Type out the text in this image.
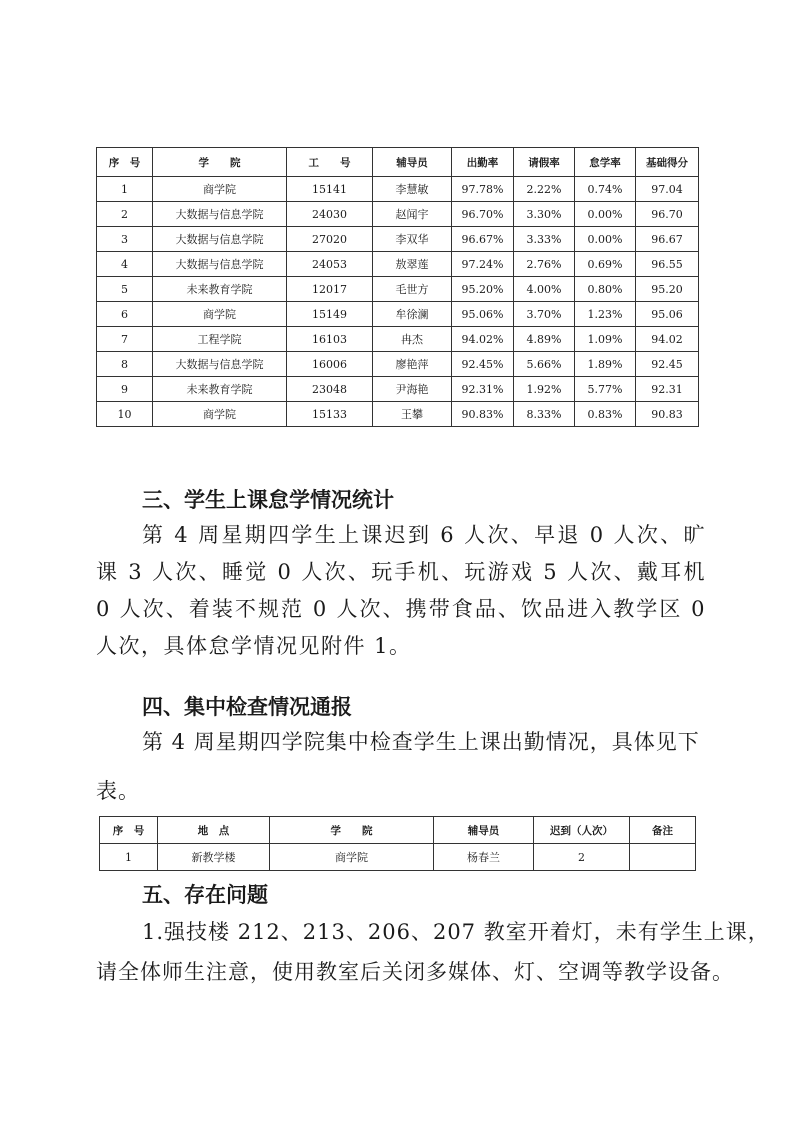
序　号	学　　院	工　　号	辅导员	出勤率	请假率	怠学率	基础得分
1	商学院	15141	李慧敏	97.78%	2.22%	0.74%	97.04
2	大数据与信息学院	24030	赵闻宇	96.70%	3.30%	0.00%	96.70
3	大数据与信息学院	27020	李双华	96.67%	3.33%	0.00%	96.67
4	大数据与信息学院	24053	敖翠莲	97.24%	2.76%	0.69%	96.55
5	未来教育学院	12017	毛世方	95.20%	4.00%	0.80%	95.20
6	商学院	15149	牟徐澜	95.06%	3.70%	1.23%	95.06
7	工程学院	16103	冉杰	94.02%	4.89%	1.09%	94.02
8	大数据与信息学院	16006	廖艳萍	92.45%	5.66%	1.89%	92.45
9	未来教育学院	23048	尹海艳	92.31%	1.92%	5.77%	92.31
10	商学院	15133	王攀	90.83%	8.33%	0.83%	90.83
三、学生上课怠学情况统计
第 4 周星期四学生上课迟到 6 人次、早退 0 人次、旷课 3 人次、睡觉 0 人次、玩手机、玩游戏 5 人次、戴耳机 0 人次、着装不规范 0 人次、携带食品、饮品进入教学区 0 人次，具体怠学情况见附件 1。
四、集中检查情况通报
第 4 周星期四学院集中检查学生上课出勤情况，具体见下
表。
序　号	地　点	学　　院	辅导员	迟到（人次）	备注
1	新教学楼	商学院	杨春兰	2	
五、存在问题
1.强技楼 212、213、206、207 教室开着灯，未有学生上课，
请全体师生注意，使用教室后关闭多媒体、灯、空调等教学设备。
